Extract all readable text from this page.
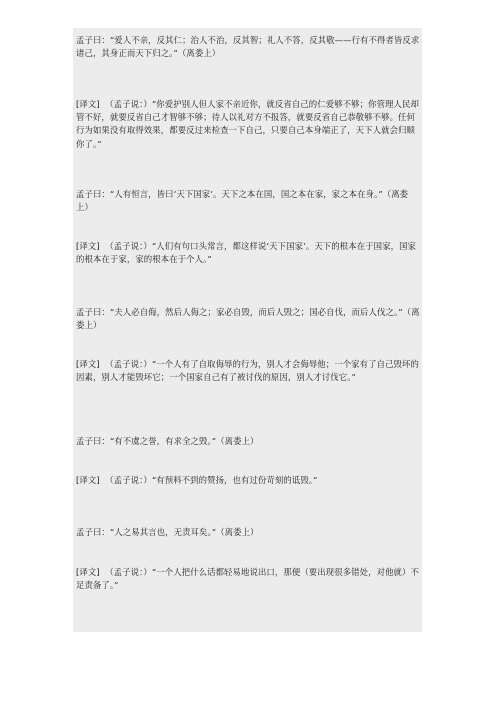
孟子曰：“爱人不亲，反其仁；治人不治，反其智；礼人不答，反其敬——行有不得者皆反求诸己，其身正而天下归之。”（离娄上）
[译文]  （孟子说：）“你爱护别人但人家不亲近你，就反省自己的仁爱够不够；你管理人民却管不好，就要反省自己才智够不够；待人以礼对方不报答，就要反省自己恭敬够不够。任何行为如果没有取得效果，都要反过来检查一下自己，只要自己本身端正了，天下人就会归顺你了。”
孟子曰：“人有恒言，皆曰‘天下国家’。天下之本在国，国之本在家，家之本在身。”（离娄上）
[译文]  （孟子说：）“人们有句口头常言，都这样说‘天下国家’。天下的根本在于国家，国家的根本在于家，家的根本在于个人。”
孟子曰：“夫人必自侮，然后人侮之；家必自毁，而后人毁之；国必自伐，而后人伐之。”（离娄上）
[译文]  （孟子说：）“一个人有了自取侮辱的行为，别人才会侮辱他；一个家有了自己毁坏的因素，别人才能毁坏它；一个国家自己有了被讨伐的原因，别人才讨伐它。”
孟子曰：“有不虞之誉，有求全之毁。”（离娄上）
[译文]  （孟子说：）“有预料不到的赞扬，也有过份苛刻的诋毁。”
孟子曰：“人之易其言也，无责耳矣。”（离娄上）
[译文]  （孟子说：）“一个人把什么话都轻易地说出口，那便（要出现很多错处，对他就）不足责备了。”
